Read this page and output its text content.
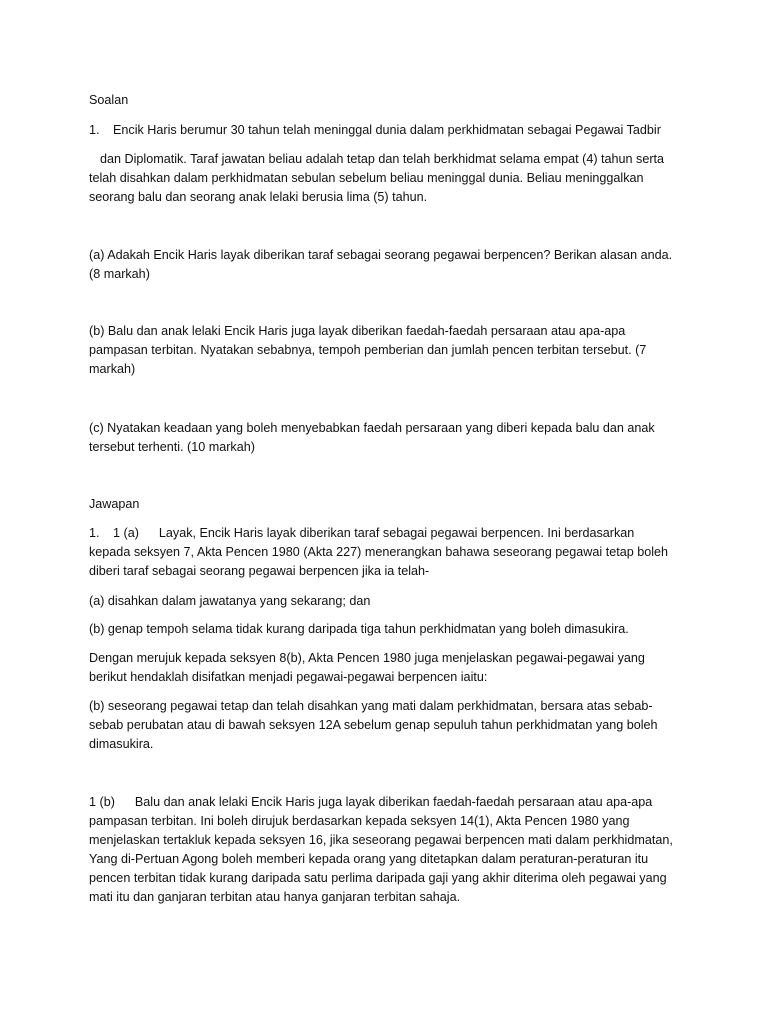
Soalan
1. Encik Haris berumur 30 tahun telah meninggal dunia dalam perkhidmatan sebagai Pegawai Tadbir
dan Diplomatik. Taraf jawatan beliau adalah tetap dan telah berkhidmat selama empat (4) tahun serta
telah disahkan dalam perkhidmatan sebulan sebelum beliau meninggal dunia. Beliau meninggalkan
seorang balu dan seorang anak lelaki berusia lima (5) tahun.
(a) Adakah Encik Haris layak diberikan taraf sebagai seorang pegawai berpencen? Berikan alasan anda.
(8 markah)
(b) Balu dan anak lelaki Encik Haris juga layak diberikan faedah-faedah persaraan atau apa-apa
pampasan terbitan. Nyatakan sebabnya, tempoh pemberian dan jumlah pencen terbitan tersebut. (7
markah)
(c) Nyatakan keadaan yang boleh menyebabkan faedah persaraan yang diberi kepada balu dan anak
tersebut terhenti. (10 markah)
Jawapan
1. 1 (a) Layak, Encik Haris layak diberikan taraf sebagai pegawai berpencen. Ini berdasarkan
kepada seksyen 7, Akta Pencen 1980 (Akta 227) menerangkan bahawa seseorang pegawai tetap boleh
diberi taraf sebagai seorang pegawai berpencen jika ia telah-
(a) disahkan dalam jawatanya yang sekarang; dan
(b) genap tempoh selama tidak kurang daripada tiga tahun perkhidmatan yang boleh dimasukira.
Dengan merujuk kepada seksyen 8(b), Akta Pencen 1980 juga menjelaskan pegawai-pegawai yang
berikut hendaklah disifatkan menjadi pegawai-pegawai berpencen iaitu:
(b) seseorang pegawai tetap dan telah disahkan yang mati dalam perkhidmatan, bersara atas sebab-
sebab perubatan atau di bawah seksyen 12A sebelum genap sepuluh tahun perkhidmatan yang boleh
dimasukira.
1 (b) Balu dan anak lelaki Encik Haris juga layak diberikan faedah-faedah persaraan atau apa-apa
pampasan terbitan. Ini boleh dirujuk berdasarkan kepada seksyen 14(1), Akta Pencen 1980 yang
menjelaskan tertakluk kepada seksyen 16, jika seseorang pegawai berpencen mati dalam perkhidmatan,
Yang di-Pertuan Agong boleh memberi kepada orang yang ditetapkan dalam peraturan-peraturan itu
pencen terbitan tidak kurang daripada satu perlima daripada gaji yang akhir diterima oleh pegawai yang
mati itu dan ganjaran terbitan atau hanya ganjaran terbitan sahaja.
